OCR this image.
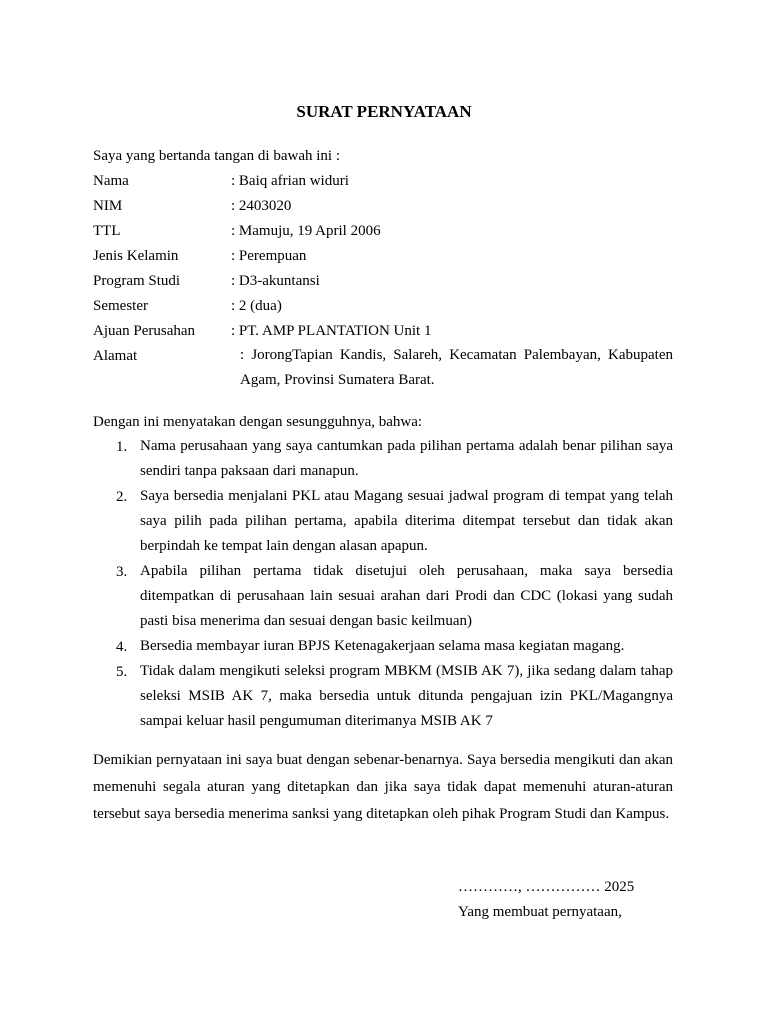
SURAT PERNYATAAN
Saya yang bertanda tangan di bawah ini :
Nama	: Baiq afrian widuri
NIM	: 2403020
TTL	: Mamuju, 19 April 2006
Jenis Kelamin	: Perempuan
Program Studi	: D3-akuntansi
Semester	: 2 (dua)
Ajuan Perusahan : PT. AMP PLANTATION Unit 1
Alamat	: JorongTapian Kandis, Salareh, Kecamatan Palembayan, Kabupaten Agam, Provinsi Sumatera Barat.
Dengan ini menyatakan dengan sesungguhnya, bahwa:
1. Nama perusahaan yang saya cantumkan pada pilihan pertama adalah benar pilihan saya sendiri tanpa paksaan dari manapun.
2. Saya bersedia menjalani PKL atau Magang sesuai jadwal program di tempat yang telah saya pilih pada pilihan pertama, apabila diterima ditempat tersebut dan tidak akan berpindah ke tempat lain dengan alasan apapun.
3. Apabila pilihan pertama tidak disetujui oleh perusahaan, maka saya bersedia ditempatkan di perusahaan lain sesuai arahan dari Prodi dan CDC (lokasi yang sudah pasti bisa menerima dan sesuai dengan basic keilmuan)
4. Bersedia membayar iuran BPJS Ketenagakerjaan selama masa kegiatan magang.
5. Tidak dalam mengikuti seleksi program MBKM (MSIB AK 7), jika sedang dalam tahap seleksi MSIB AK 7, maka bersedia untuk ditunda pengajuan izin PKL/Magangnya sampai keluar hasil pengumuman diterimanya MSIB AK 7
Demikian pernyataan ini saya buat dengan sebenar-benarnya. Saya bersedia mengikuti dan akan memenuhi segala aturan yang ditetapkan dan jika saya tidak dapat memenuhi aturan-aturan tersebut saya bersedia menerima sanksi yang ditetapkan oleh pihak Program Studi dan Kampus.
…………, …………… 2025
Yang membuat pernyataan,
